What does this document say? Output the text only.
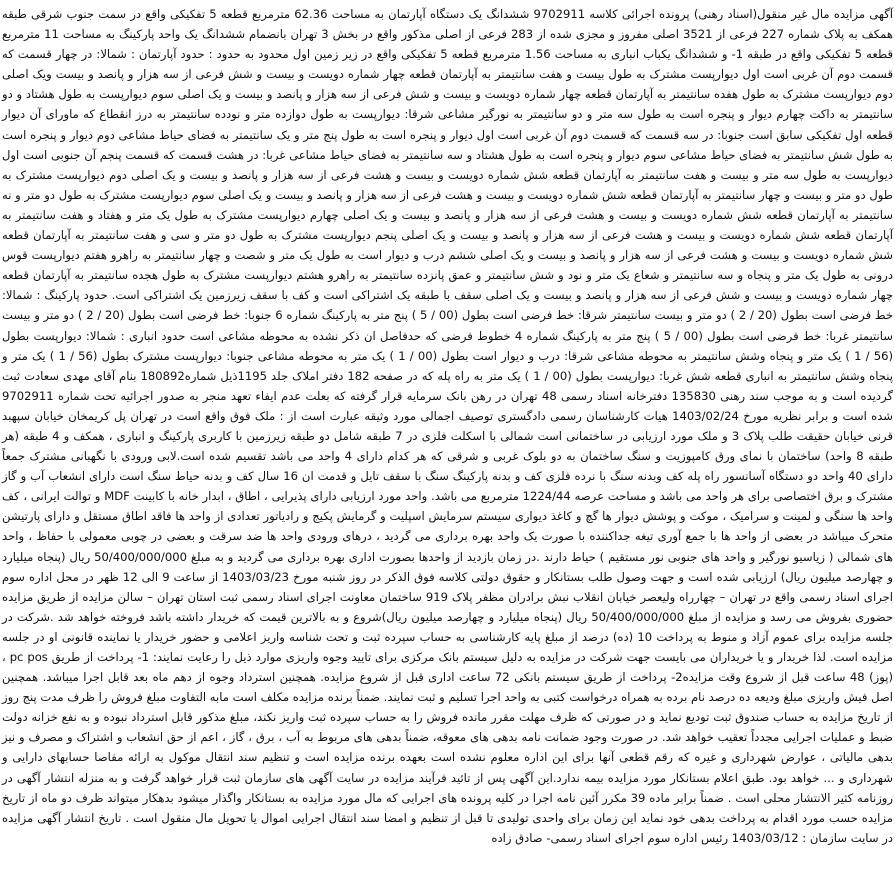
آگهی مزایده مال غیر منقول(اسناد رهنی) پرونده اجرائی کلاسه 9702911 ششدانگ یک دستگاه آپارتمان به مساحت 62.36 مترمربع قطعه 5 تفکیکی واقع در سمت جنوب شرقی طبقه همکف به پلاک شماره 227 فرعی از 3521 اصلی مفروز و مجزی شده از 283 فرعی از اصلی مذکور واقع در بخش 3 تهران بانضمام ششدانگ یک واحد پارکینگ به مساحت 11 مترمربع قطعه 5 تفکیکی واقع در طبقه 1- و ششدانگ یکباب انباری به مساحت 1.56 مترمربع قطعه 5 تفکیکی واقع در زیر زمین اول محدود به حدود : حدود آپارتمان : شمالا: در چهار قسمت که قسمت دوم آن غربی است اول دیوارپست مشترک به طول بیست و هفت سانتیمتر به آپارتمان قطعه چهار شماره دویست و بیست و شش فرعی از سه هزار و پانصد و بیست ویک اصلی دوم دیوارپست مشترک به طول هفده سانتیمتر به آپارتمان قطعه چهار شماره دویست و بیست و شش فرعی از سه هزار و پانصد و بیست و یک اصلی سوم دیوارپست به طول هشتاد و دو سانتیمتر به داکت چهارم دیوار و پنجره است به طول سه متر و دو سانتیمتر به نورگیر مشاعی شرقا: دیوارپست به طول دوازده متر و نودده سانتیمتر به درز انقطاع که ماورای آن دیوار قطعه اول تفکیکی سابق است جنوبا: در سه قسمت که قسمت دوم آن غربی است اول دیوار و پنجره است به طول پنج متر و یک سانتیمتر به فضای حیاط مشاعی دوم دیوار و پنجره است به طول شش سانتیمتر به فضای حیاط مشاعی سوم دیوار و پنجره است به طول هشتاد و سه سانتیمتر به فضای حیاط مشاعی غربا: در هشت قسمت که قسمت پنجم آن جنوبی است اول دیوارپست به طول سه متر و بیست و هفت سانتیمتر به آپارتمان قطعه شش شماره دویست و بیست و هشت فرعی از سه هزار و پانصد و بیست و یک اصلی دوم دیوارپست مشترک به طول دو متر و بیست و چهار سانتیمتر به آپارتمان قطعه شش شماره دویست و بیست و هشت فرعی از سه هزار و پانصد و بیست و یک اصلی سوم دیوارپست مشترک به طول دو متر و نه سانتیمتر به آپارتمان قطعه شش شماره دویست و بیست و هشت فرعی از سه هزار و پانصد و بیست و یک اصلی چهارم دیوارپست مشترک به طول یک متر و هفتاد و هفت سانتیمتر به آپارتمان قطعه شش شماره دویست و بیست و هشت فرعی از سه هزار و پانصد و بیست و یک اصلی پنجم دیوارپست مشترک به طول دو متر و سی و هفت سانتیمتر به آپارتمان قطعه شش شماره دویست و بیست و هشت فرعی از سه هزار و پانصد و بیست و یک اصلی ششم درب و دیوار است به طول یک متر و شصت و چهار سانتیمتر به راهرو هفتم دیوارپست قوس درونی به طول یک متر و پنجاه و سه سانتیمتر و شعاع یک متر و نود و شش سانتیمتر و عمق پانزده سانتیمتر به راهرو هشتم دیوارپست مشترک به طول هجده سانتیمتر به آپارتمان قطعه چهار شماره دویست و بیست و شش فرعی از سه هزار و پانصد و بیست و یک اصلی سقف با طبقه یک اشتراکی است و کف با سقف زیرزمین یک اشتراکی است. حدود پارکینگ : شمالا: خط فرضی است بطول (20 / 2 ) دو متر و بیست سانتیمتر شرقا: خط فرضی است بطول (00 / 5 ) پنج متر به پارکینگ شماره 6 جنوبا: خط فرضی است بطول (20 / 2 ) دو متر و بیست سانتیمتر غربا: خط فرضی است بطول (00 / 5 ) پنج متر به پارکینگ شماره 4 خطوط فرضی که حدفاصل ان ذکر نشده به محوطه مشاعی است حدود انباری : شمالا: دیوارپست بطول (56 / 1 ) یک متر و پنجاه وشش سانتیمتر به محوطه مشاعی شرقا: درب و دیوار است بطول (00 / 1 ) یک متر به محوطه مشاعی جنوبا: دیوارپست مشترک بطول (56 / 1 ) یک متر و پنجاه وشش سانتیمتر به انباری قطعه شش غربا: دیوارپست بطول (00 / 1 ) یک متر به راه پله که در صفحه 182 دفتر املاک جلد 1195ذیل شماره180892 بنام آقای مهدی سعادت ثبت گردیده است و به موجب سند رهنی 135830 دفترخانه اسناد رسمی 48 تهران در رهن بانک سرمایه قرار گرفته که بعلت عدم ایفاء تعهد منجر به صدور اجرائیه تحت شماره 9702911 شده است و برابر نظریه مورخ 1403/02/24 هیات کارشناسان رسمی دادگستری توصیف اجمالی مورد وثیقه عبارت است از : ملک فوق واقع است در تهران پل کریمخان خیابان سپهبد قرنی خیابان حقیقت طلب پلاک 3 و ملک مورد ارزیابی در ساختمانی است شمالی با اسکلت فلزی در 7 طبقه شامل دو طبقه زیرزمین با کاربری پارکینگ و انباری ، همکف و 4 طبقه (هر طبقه 8 واحد) ساختمان با نمای ورق کامپوزیت و سنگ ساختمان به دو بلوک غربی و شرقی که هر کدام دارای 4 واحد می باشد تقسیم شده است.لابی ورودی با نگهبانی مشترک جمعاً دارای 40 واحد دو دستگاه آسانسور راه پله کف وبدنه سنگ با نرده فلزی کف و بدنه پارکینگ سنگ با سقف تایل و قدمت ان 16 سال کف و بدنه حیاط سنگ است دارای انشعاب آب و گاز مشترک و برق اختصاصی برای هر واحد می باشد و مساحت عرصه 1224/44 مترمربع می باشد. واحد مورد ارزیابی دارای پذیرایی ، اطاق ، ابدار خانه با کابینت MDF و توالت ایرانی ، کف واحد ها سنگی و لمینت و سرامیک ، موکت و پوشش دیوار ها گچ و کاغذ دیواری سیستم سرمایش اسپلیت و گرمایش پکیج و رادیاتور تعدادی از واحد ها فاقد اطاق مستقل و دارای پارتیشن متحرک میباشد در بعضی از واحد ها با جمع آوری تیغه جداکننده با صورت یک واحد بهره برداری می گردید ، درهای ورودی واحد ها ضد سرقت و بعضی در چوبی معمولی با حفاظ ، واحد های شمالی ( زیاسیو نورگیر و واحد های جنوبی نور مستقیم ) حیاط دارند .در زمان بازدید از واحدها بصورت اداری بهره برداری می گردید و به مبلغ 50/400/000/000 ریال (پنجاه میلیارد و چهارصد میلیون ریال) ارزیابی شده است و جهت وصول طلب بستانکار و حقوق دولتی کلاسه فوق الذکر در روز شنبه مورخ 1403/03/23 از ساعت 9 الی 12 ظهر در محل اداره سوم اجرای اسناد رسمی واقع در تهران – چهارراه ولیعصر خیابان انقلاب نبش برادران مظفر پلاک 919 ساختمان معاونت اجرای اسناد رسمی ثبت استان تهران – سالن مزایده از طریق مزایده حضوری بفروش می رسد و مزایده از مبلغ 50/400/000/000 ریال (پنجاه میلیارد و چهارصد میلیون ریال)شروع و به بالاترین قیمت که خریدار داشته باشد فروخته خواهد شد .شرکت در جلسه مزایده برای عموم آزاد و منوط به پرداخت 10 (ده) درصد از مبلغ پایه کارشناسی به حساب سپرده ثبت و تحت شناسه واریز اعلامی و حضور خریدار یا نماینده قانونی او در جلسه مزایده است. لذا خریدار و یا خریداران می بایست جهت شرکت در مزایده به دلیل سیستم بانک مرکزی برای تایید وجوه واریزی موارد ذیل را رعایت نمایند: 1- پرداخت از طریق pc pos ، (پوز) 48 ساعت قبل از شروع وقت مزایده2- پرداخت از طریق سیستم بانکی 72 ساعت اداری قبل از شروع مزایده. همچنین استرداد وجوه از دهم ماه بعد قابل اجرا میباشد. همچنین اصل فیش واریزی مبلغ ودیعه ده درصد نام برده به همراه درخواست کتبی به واحد اجرا تسلیم و ثبت نمایند. ضمناً برنده مزایده مکلف است مابه التفاوت مبلغ فروش را ظرف مدت پنج روز از تاریخ مزایده به حساب صندوق ثبت تودیع نماید و در صورتی که ظرف مهلت مقرر مانده فروش را به حساب سپرده ثبت واریز نکند، مبلغ مذکور قابل استرداد نبوده و به نفع خزانه دولت ضبط و عملیات اجرایی مجدداً تعقیب خواهد شد. در صورت وجود ضمانت نامه بدهی های معوقه، ضمناً بدهی های مربوط به آب ، برق ، گاز ، اعم از حق انشعاب و اشتراک و مصرف و نیز بدهی مالیاتی ، عوارض شهرداری و غیره که رقم قطعی آنها برای این اداره معلوم نشده است بعهده برنده مزایده است و تنظیم سند انتقال موکول به ارائه مفاصا حسابهای دارایی و شهرداری و ... خواهد بود. طبق اعلام بستانکار مورد مزایده بیمه ندارد.این آگهی پس از تائید فرآیند مزایده در سایت آگهی های سازمان ثبت قرار خواهد گرفت و به منزله انتشار آگهی در روزنامه کثیر الانتشار محلی است . ضمناً برابر ماده 39 مکرر آئین نامه اجرا در کلیه پرونده های اجرایی که مال مورد مزایده به بستانکار واگذار میشود بدهکار میتواند ظرف دو ماه از تاریخ مزایده حسب مورد اقدام به پرداخت بدهی خود نماید این زمان برای واحدی تولیدی تا قبل از تنظیم و امضا سند انتقال اجرایی اموال یا تحویل مال منقول است . تاریخ انتشار آگهی مزایده در سایت سازمان : 1403/03/12 رئیس اداره سوم اجرای اسناد رسمی- صادق زاده
